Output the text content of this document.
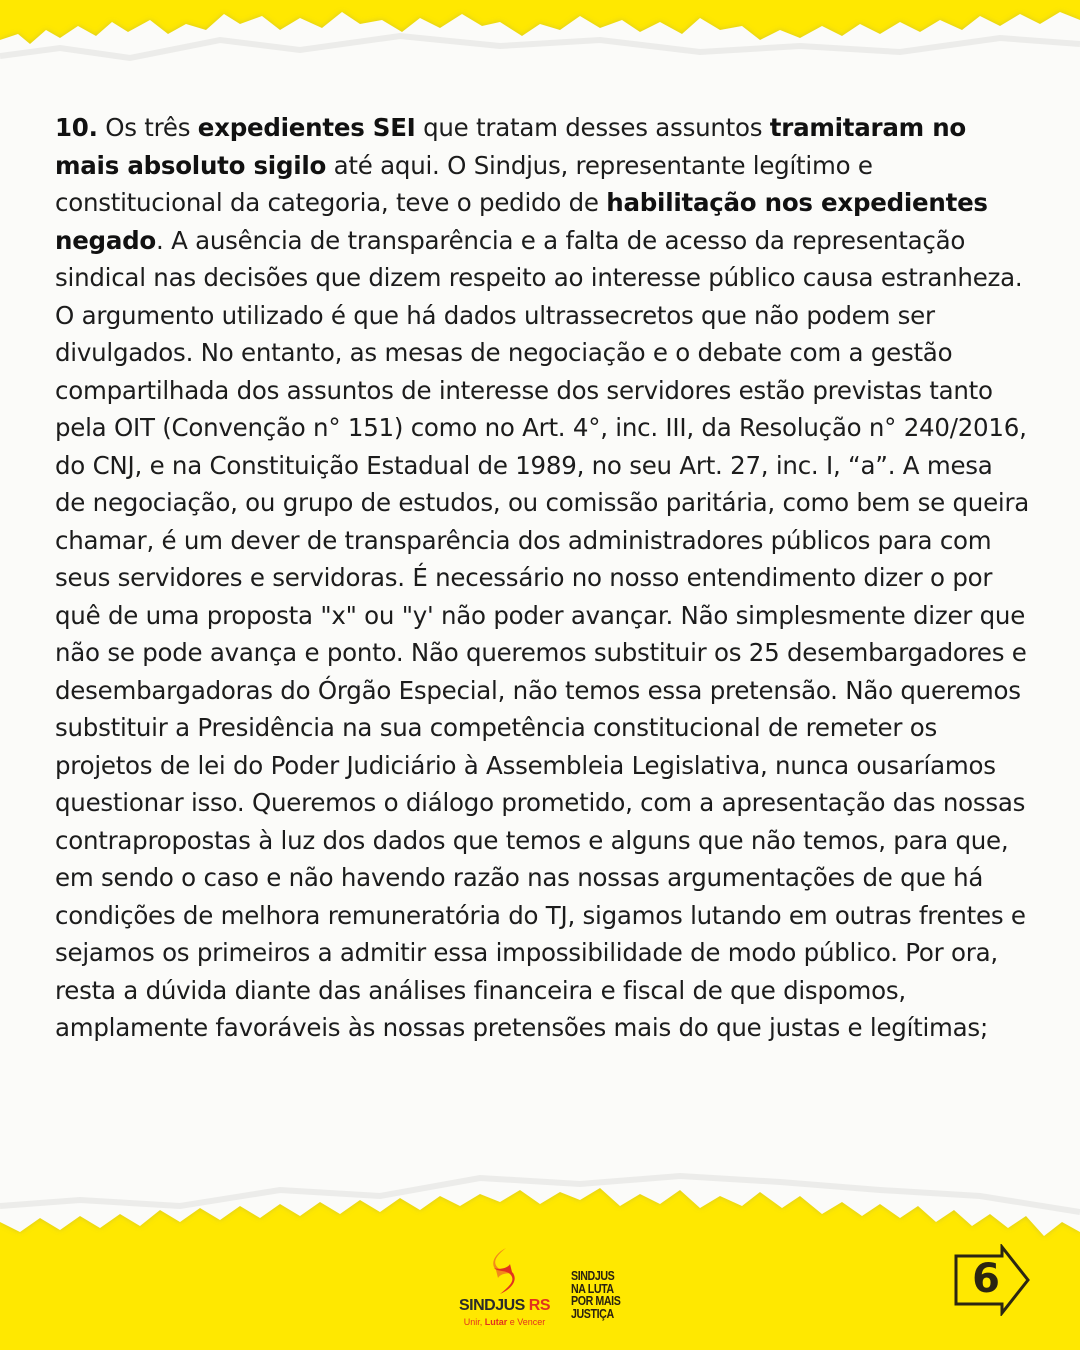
10. Os três expedientes SEI que tratam desses assuntos tramitaram no mais absoluto sigilo até aqui. O Sindjus, representante legítimo e constitucional da categoria, teve o pedido de habilitação nos expedientes negado. A ausência de transparência e a falta de acesso da representação sindical nas decisões que dizem respeito ao interesse público causa estranheza. O argumento utilizado é que há dados ultrassecretos que não podem ser divulgados. No entanto, as mesas de negociação e o debate com a gestão compartilhada dos assuntos de interesse dos servidores estão previstas tanto pela OIT (Convenção n° 151) como no Art. 4°, inc. III, da Resolução n° 240/2016, do CNJ, e na Constituição Estadual de 1989, no seu Art. 27, inc. I, “a”. A mesa de negociação, ou grupo de estudos, ou comissão paritária, como bem se queira chamar, é um dever de transparência dos administradores públicos para com seus servidores e servidoras. É necessário no nosso entendimento dizer o por quê de uma proposta "x" ou "y' não poder avançar. Não simplesmente dizer que não se pode avança e ponto. Não queremos substituir os 25 desembargadores e desembargadoras do Órgão Especial, não temos essa pretensão. Não queremos substituir a Presidência na sua competência constitucional de remeter os projetos de lei do Poder Judiciário à Assembleia Legislativa, nunca ousaríamos questionar isso. Queremos o diálogo prometido, com a apresentação das nossas contrapropostas à luz dos dados que temos e alguns que não temos, para que, em sendo o caso e não havendo razão nas nossas argumentações de que há condições de melhora remuneratória do TJ, sigamos lutando em outras frentes e sejamos os primeiros a admitir essa impossibilidade de modo público. Por ora, resta a dúvida diante das análises financeira e fiscal de que dispomos, amplamente favoráveis às nossas pretensões mais do que justas e legítimas;

SINDJUS RS
Unir, Lutar e Vencer
SINDJUS
NA LUTA
POR MAIS
JUSTIÇA
6
